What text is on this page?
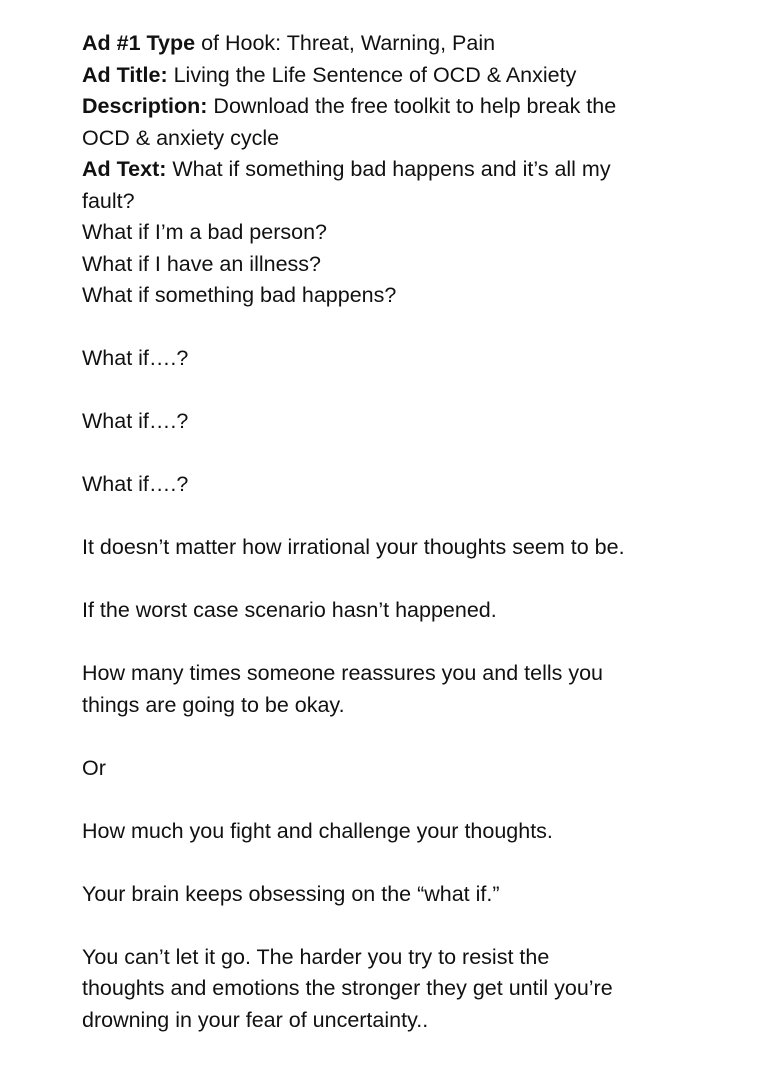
Ad #1 Type of Hook: Threat, Warning, Pain
Ad Title: Living the Life Sentence of OCD & Anxiety
Description: Download the free toolkit to help break the
OCD & anxiety cycle
Ad Text: What if something bad happens and it’s all my
fault?
What if I’m a bad person?
What if I have an illness?
What if something bad happens?
What if….?
What if….?
What if….?
It doesn’t matter how irrational your thoughts seem to be.
If the worst case scenario hasn’t happened.
How many times someone reassures you and tells you
things are going to be okay.
Or
How much you fight and challenge your thoughts.
Your brain keeps obsessing on the “what if.”
You can’t let it go. The harder you try to resist the
thoughts and emotions the stronger they get until you’re
drowning in your fear of uncertainty..
